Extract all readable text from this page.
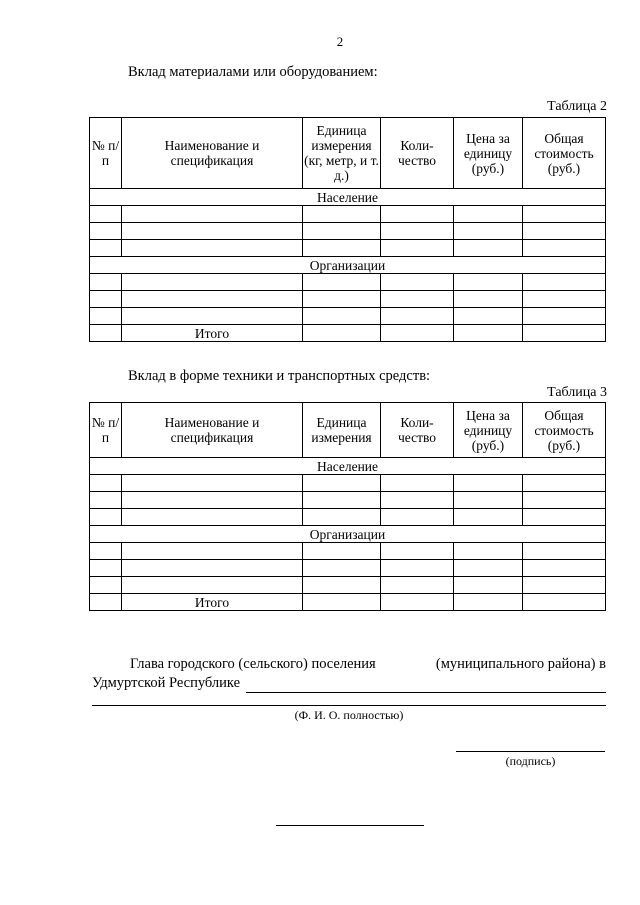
2
Вклад материалами или оборудованием:
Таблица 2
№ п/п	Наименование и спецификация	Единица измерения (кг, метр, и т. д.)	Коли-чество	Цена за единицу (руб.)	Общая стоимость (руб.)
Население					

Организации					

	Итого				
Вклад в форме техники и транспортных средств:
Таблица 3
№ п/п	Наименование и спецификация	Единица измерения	Коли-чество	Цена за единицу (руб.)	Общая стоимость (руб.)
Население					

Организации					

	Итого				
Глава городского (сельского) поселения	(муниципального района) в
Удмуртской Республике
(Ф. И. О. полностью)
(подпись)
